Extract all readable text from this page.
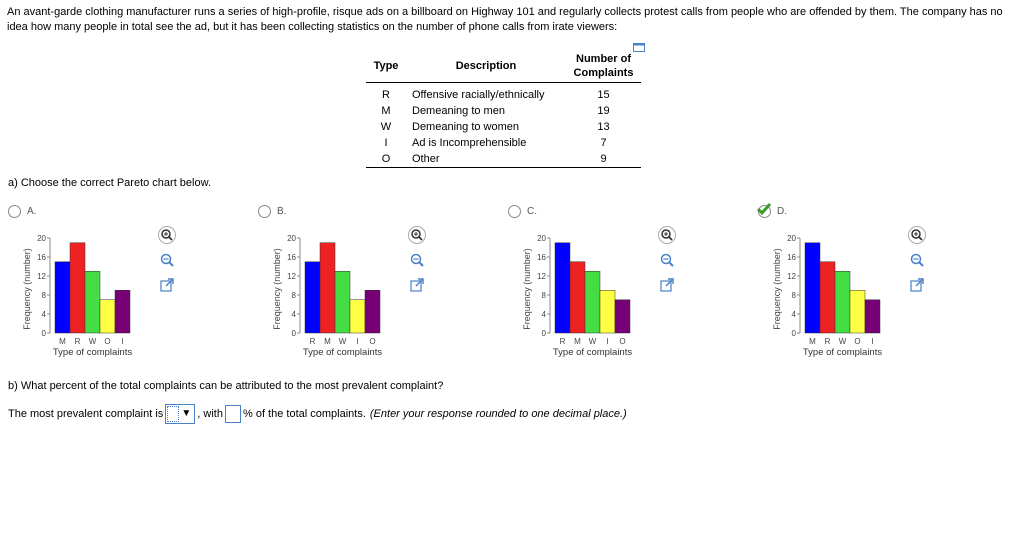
An avant-garde clothing manufacturer runs a series of high-profile, risque ads on a billboard on Highway 101 and regularly collects protest calls from people who are offended by them. The company has no idea how many people in total see the ad, but it has been collecting statistics on the number of phone calls from irate viewers:
Type	Description	Number of
Complaints
R	Offensive racially/ethnically	15
M	Demeaning to men	19
W	Demeaning to women	13
I	Ad is Incomprehensible	7
O	Other	9
a) Choose the correct Pareto chart below.
A.
Frequency (number)
0
4
8
12
16
20
M R W O I
Type of complaints

B.
Frequency (number)
0
4
8
12
16
20
R M W I O
Type of complaints

C.
Frequency (number)
0
4
8
12
16
20
R M W I O
Type of complaints

D.
Frequency (number)
0
4
8
12
16
20
M R W O I
Type of complaints

b) What percent of the total complaints can be attributed to the most prevalent complaint?
The most prevalent complaint is ▼ , with % of the total complaints. (Enter your response rounded to one decimal place.)
